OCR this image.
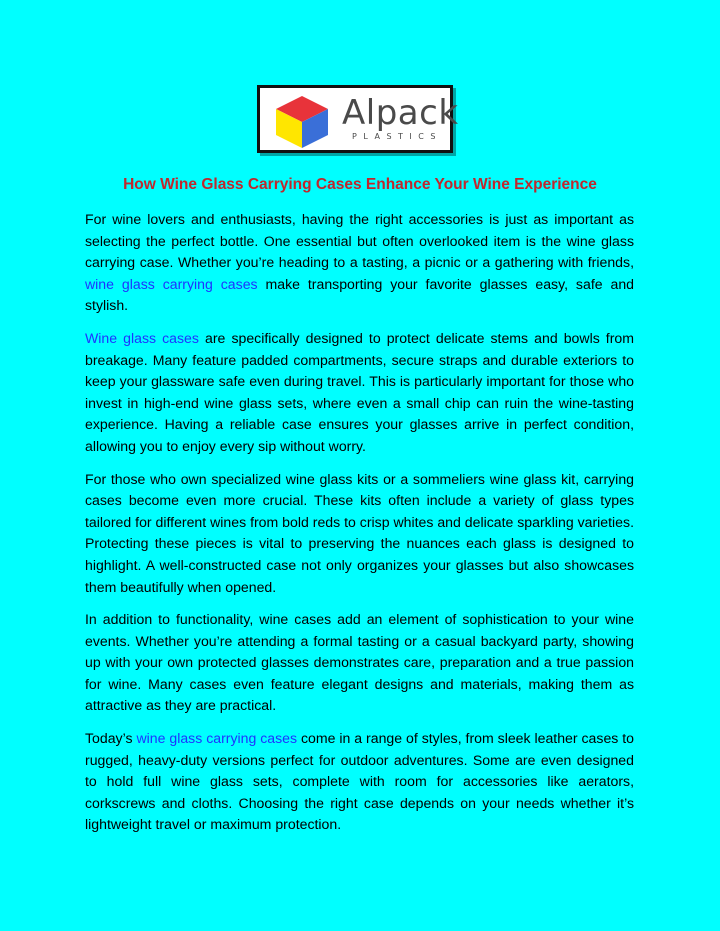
Alpack
PLASTICS
How Wine Glass Carrying Cases Enhance Your Wine Experience

For wine lovers and enthusiasts, having the right accessories is just as important as selecting the perfect bottle. One essential but often overlooked item is the wine glass carrying case. Whether you’re heading to a tasting, a picnic or a gathering with friends, wine glass carrying cases make transporting your favorite glasses easy, safe and stylish.

Wine glass cases are specifically designed to protect delicate stems and bowls from breakage. Many feature padded compartments, secure straps and durable exteriors to keep your glassware safe even during travel. This is particularly important for those who invest in high-end wine glass sets, where even a small chip can ruin the wine-tasting experience. Having a reliable case ensures your glasses arrive in perfect condition, allowing you to enjoy every sip without worry.

For those who own specialized wine glass kits or a sommeliers wine glass kit, carrying cases become even more crucial. These kits often include a variety of glass types tailored for different wines from bold reds to crisp whites and delicate sparkling varieties. Protecting these pieces is vital to preserving the nuances each glass is designed to highlight. A well-constructed case not only organizes your glasses but also showcases them beautifully when opened.

In addition to functionality, wine cases add an element of sophistication to your wine events. Whether you’re attending a formal tasting or a casual backyard party, showing up with your own protected glasses demonstrates care, preparation and a true passion for wine. Many cases even feature elegant designs and materials, making them as attractive as they are practical.

Today’s wine glass carrying cases come in a range of styles, from sleek leather cases to rugged, heavy-duty versions perfect for outdoor adventures. Some are even designed to hold full wine glass sets, complete with room for accessories like aerators, corkscrews and cloths. Choosing the right case depends on your needs whether it’s lightweight travel or maximum protection.
